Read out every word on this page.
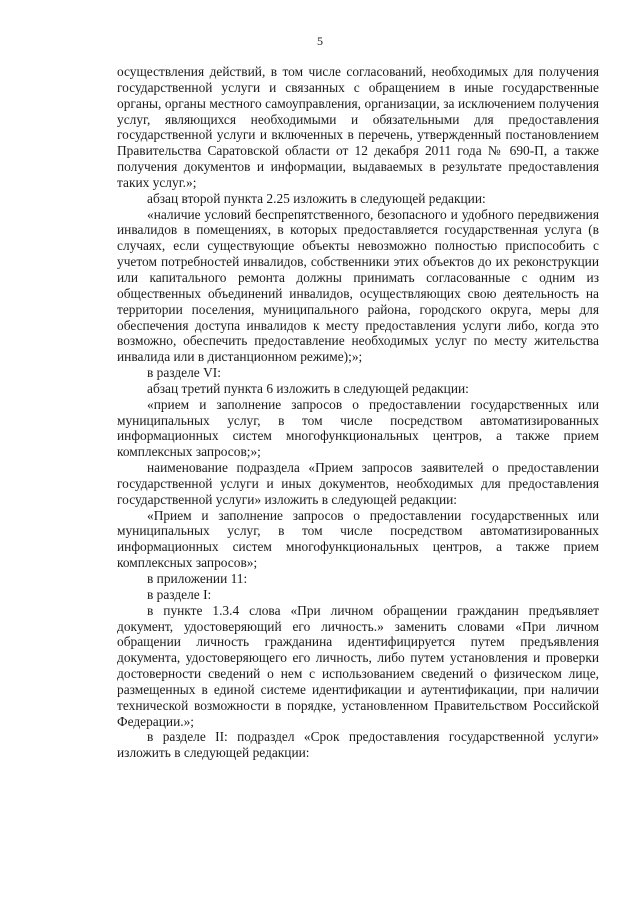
5

осуществления действий, в том числе согласований, необходимых для получения государственной услуги и связанных с обращением в иные государственные органы, органы местного самоуправления, организации, за исключением получения услуг, являющихся необходимыми и обязательными для предоставления государственной услуги и включенных в перечень, утвержденный постановлением Правительства Саратовской области от 12 декабря 2011 года № 690-П, а также получения документов и информации, выдаваемых в результате предоставления таких услуг.»;

абзац второй пункта 2.25 изложить в следующей редакции:

«наличие условий беспрепятственного, безопасного и удобного передвижения инвалидов в помещениях, в которых предоставляется государственная услуга (в случаях, если существующие объекты невозможно полностью приспособить с учетом потребностей инвалидов, собственники этих объектов до их реконструкции или капитального ремонта должны принимать согласованные с одним из общественных объединений инвалидов, осуществляющих свою деятельность на территории поселения, муниципального района, городского округа, меры для обеспечения доступа инвалидов к месту предоставления услуги либо, когда это возможно, обеспечить предоставление необходимых услуг по месту жительства инвалида или в дистанционном режиме);»;

в разделе VI:

абзац третий пункта 6 изложить в следующей редакции:

«прием и заполнение запросов о предоставлении государственных или муниципальных услуг, в том числе посредством автоматизированных информационных систем многофункциональных центров, а также прием комплексных запросов;»;

наименование подраздела «Прием запросов заявителей о предоставлении государственной услуги и иных документов, необходимых для предоставления государственной услуги» изложить в следующей редакции:

«Прием и заполнение запросов о предоставлении государственных или муниципальных услуг, в том числе посредством автоматизированных информационных систем многофункциональных центров, а также прием комплексных запросов»;

в приложении 11:

в разделе I:

в пункте 1.3.4 слова «При личном обращении гражданин предъявляет документ, удостоверяющий его личность.» заменить словами «При личном обращении личность гражданина идентифицируется путем предъявления документа, удостоверяющего его личность, либо путем установления и проверки достоверности сведений о нем с использованием сведений о физическом лице, размещенных в единой системе идентификации и аутентификации, при наличии технической возможности в порядке, установленном Правительством Российской Федерации.»;

в разделе II: подраздел «Срок предоставления государственной услуги» изложить в следующей редакции:
